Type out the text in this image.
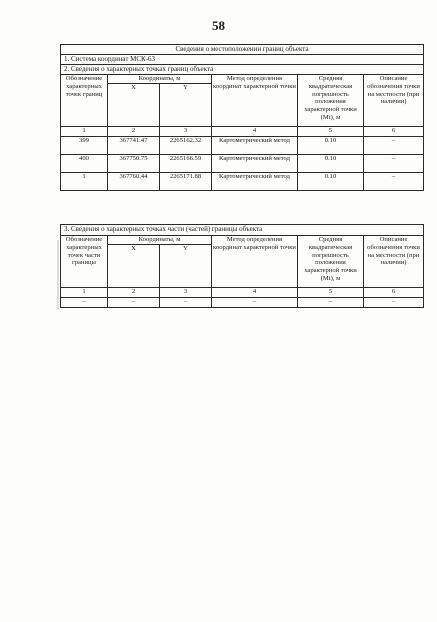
58
Сведения о местоположении границ объекта					
1. Система координат МСК-63					
2. Сведения о характерных точках границ объекта					
Обозначение характерных точек границ	Координаты, м		Метод определения координат характерной точки	Средняя квадратическая погрешность положения характерной точки (Мt), м	Описание обозначения точки на местности (при наличии)
	X	Y			
1	2	3	4	5	6
399	367741.47	2265162.32	Картометрический метод	0.10	–
400	367750.75	2265166.59	Картометрический метод	0.10	–
1	367760.44	2265171.88	Картометрический метод	0.10	–
3. Сведения о характерных точках части (частей) границы объекта					
Обозначение характерных точек части границы	Координаты, м		Метод определения координат характерной точки	Средняя квадратическая погрешность положения характерной точки (Мt), м	Описание обозначения точки на местности (при наличии)
	X	Y			
1	2	3	4	5	6
–	–	–	–	–	–
